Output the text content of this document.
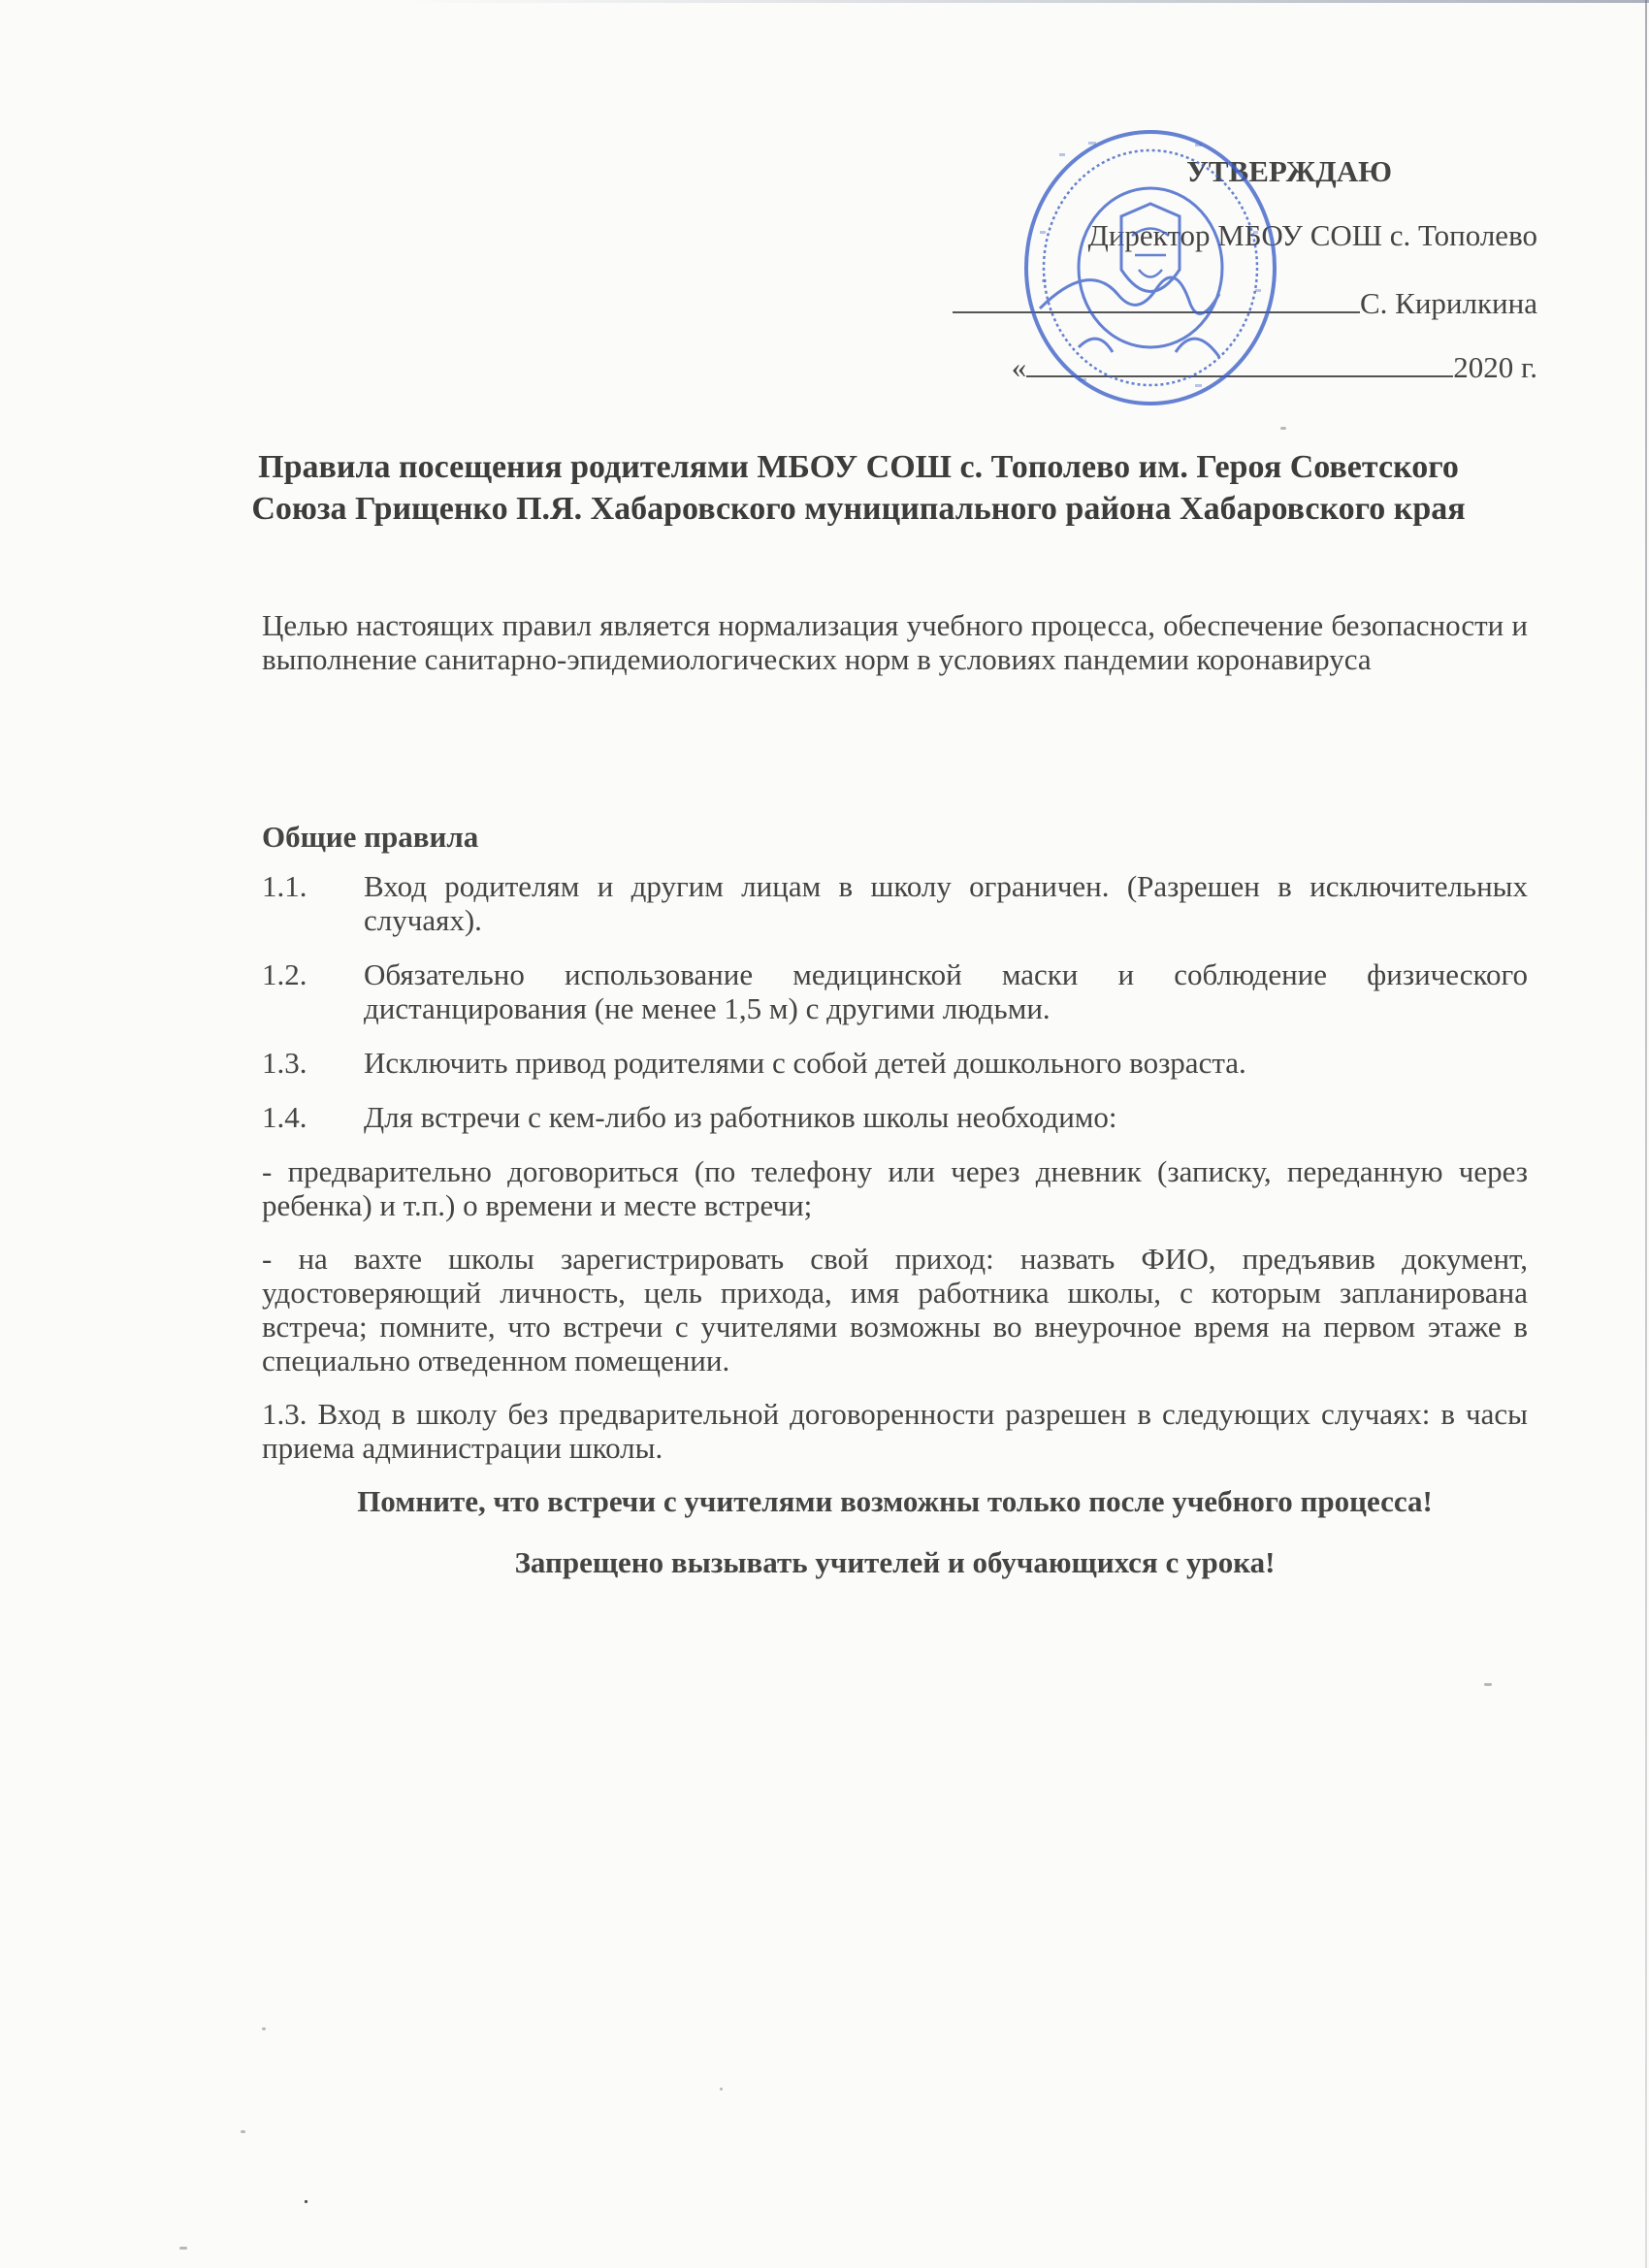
УТВЕРЖДАЮ
Директор МБОУ СОШ с. Тополево
С. Кирилкина
«	2020 г.
Правила посещения родителями МБОУ СОШ с. Тополево им. Героя Советского Союза Грищенко П.Я. Хабаровского муниципального района Хабаровского края

Целью настоящих правил является нормализация учебного процесса, обеспечение безопасности и выполнение санитарно-эпидемиологических норм в условиях пандемии коронавируса

Общие правила
1.1.	Вход родителям и другим лицам в школу ограничен. (Разрешен в исключительных случаях).
1.2.	Обязательно использование медицинской маски и соблюдение физического дистанцирования (не менее 1,5 м) с другими людьми.
1.3.	Исключить привод родителями с собой детей дошкольного возраста.
1.4.	Для встречи с кем-либо из работников школы необходимо:

- предварительно договориться (по телефону или через дневник (записку, переданную через ребенка) и т.п.) о времени и месте встречи;

- на вахте школы зарегистрировать свой приход: назвать ФИО, предъявив документ, удостоверяющий личность, цель прихода, имя работника школы, с которым запланирована встреча; помните, что встречи с учителями возможны во внеурочное время на первом этаже в специально отведенном помещении.

1.3. Вход в школу без предварительной договоренности разрешен в следующих случаях: в часы приема администрации школы.

Помните, что встречи с учителями возможны только после учебного процесса!

Запрещено вызывать учителей и обучающихся с урока!

.
